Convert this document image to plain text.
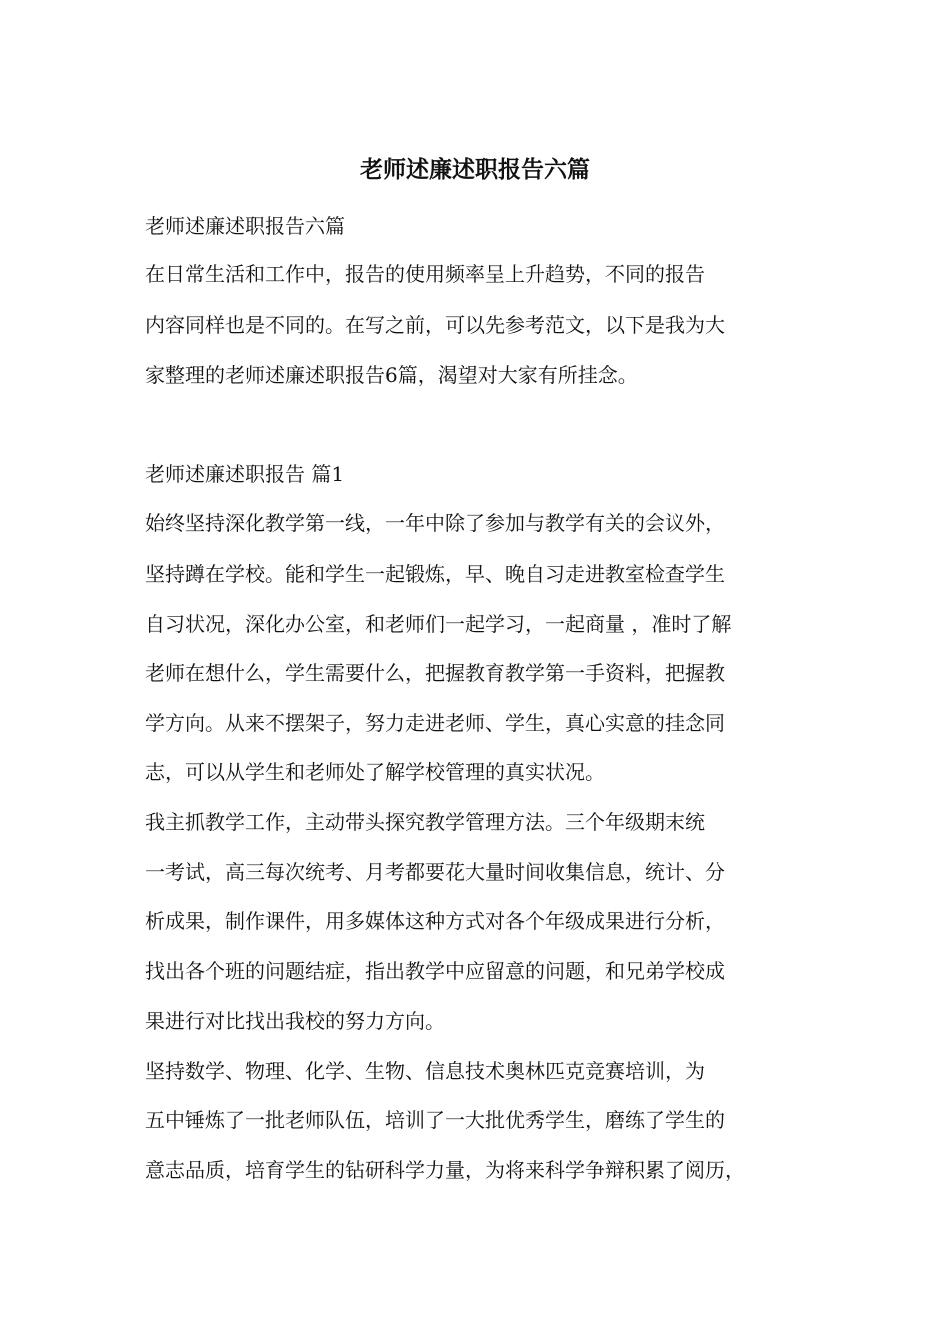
老师述廉述职报告六篇

老师述廉述职报告六篇

在日常生活和工作中，报告的使用频率呈上升趋势，不同的报告

内容同样也是不同的。在写之前，可以先参考范文，以下是我为大

家整理的老师述廉述职报告6篇，渴望对大家有所挂念。

老师述廉述职报告 篇1

始终坚持深化教学第一线，一年中除了参加与教学有关的会议外，

坚持蹲在学校。能和学生一起锻炼，早、晚自习走进教室检查学生

自习状况，深化办公室，和老师们一起学习，一起商量 ，准时了解

老师在想什么，学生需要什么，把握教育教学第一手资料，把握教

学方向。从来不摆架子，努力走进老师、学生，真心实意的挂念同

志，可以从学生和老师处了解学校管理的真实状况。

我主抓教学工作，主动带头探究教学管理方法。三个年级期末统

一考试，高三每次统考、月考都要花大量时间收集信息，统计、分

析成果，制作课件，用多媒体这种方式对各个年级成果进行分析，

找出各个班的问题结症，指出教学中应留意的问题，和兄弟学校成

果进行对比找出我校的努力方向。

坚持数学、物理、化学、生物、信息技术奥林匹克竞赛培训，为

五中锤炼了一批老师队伍，培训了一大批优秀学生，磨练了学生的

意志品质，培育学生的钻研科学力量，为将来科学争辩积累了阅历，
